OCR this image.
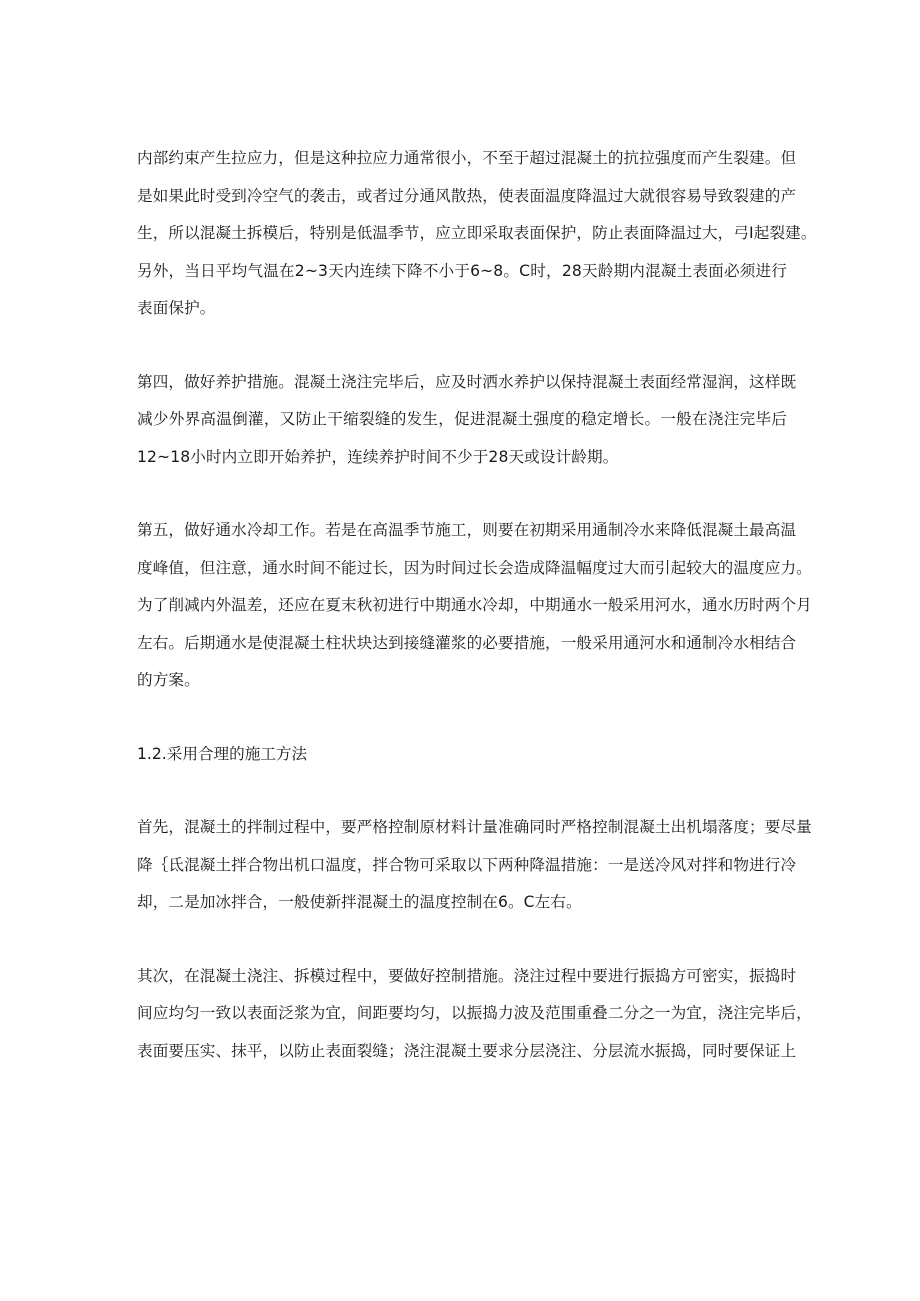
内部约束产生拉应力，但是这种拉应力通常很小，不至于超过混凝土的抗拉强度而产生裂建。但
是如果此时受到冷空气的袭击，或者过分通风散热，使表面温度降温过大就很容易导致裂建的产
生，所以混凝土拆模后，特别是低温季节，应立即采取表面保护，防止表面降温过大，弓I起裂建。
另外，当日平均气温在2~3天内连续下降不小于6~8。C时，28天龄期内混凝土表面必须进行
表面保护。

第四，做好养护措施。混凝土浇注完毕后，应及时洒水养护以保持混凝土表面经常湿润，这样既
减少外界高温倒灌，又防止干缩裂缝的发生，促进混凝土强度的稳定增长。一般在浇注完毕后
12~18小时内立即开始养护，连续养护时间不少于28天或设计龄期。

第五，做好通水冷却工作。若是在高温季节施工，则要在初期采用通制冷水来降低混凝土最高温
度峰值，但注意，通水时间不能过长，因为时间过长会造成降温幅度过大而引起较大的温度应力。
为了削减内外温差，还应在夏末秋初进行中期通水冷却，中期通水一般采用河水，通水历时两个月
左右。后期通水是使混凝土柱状块达到接缝灌浆的必要措施，一般采用通河水和通制冷水相结合
的方案。

1.2.采用合理的施工方法

首先，混凝土的拌制过程中，要严格控制原材料计量准确同时严格控制混凝土出机塌落度；要尽量
降｛氐混凝土拌合物出机口温度，拌合物可采取以下两种降温措施：一是送冷风对拌和物进行冷
却，二是加冰拌合，一般使新拌混凝土的温度控制在6。C左右。

其次，在混凝土浇注、拆模过程中，要做好控制措施。浇注过程中要进行振捣方可密实，振捣时
间应均匀一致以表面泛浆为宜，间距要均匀，以振捣力波及范围重叠二分之一为宜，浇注完毕后，
表面要压实、抹平，以防止表面裂缝；浇注混凝土要求分层浇注、分层流水振捣，同时要保证上
